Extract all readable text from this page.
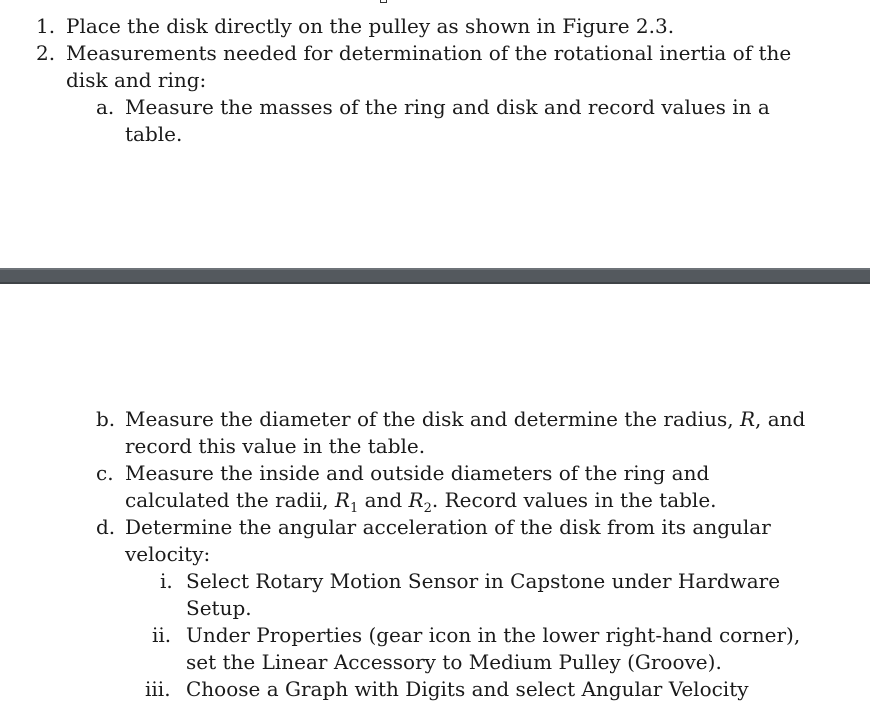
1. Place the disk directly on the pulley as shown in Figure 2.3.
2. Measurements needed for determination of the rotational inertia of the
disk and ring:
a. Measure the masses of the ring and disk and record values in a
table.
b. Measure the diameter of the disk and determine the radius, R, and
record this value in the table.
c. Measure the inside and outside diameters of the ring and
calculated the radii, $R_1$ and $R_2$. Record values in the table.
d. Determine the angular acceleration of the disk from its angular
velocity:
i. Select Rotary Motion Sensor in Capstone under Hardware
Setup.
ii. Under Properties (gear icon in the lower right-hand corner),
set the Linear Accessory to Medium Pulley (Groove).
iii. Choose a Graph with Digits and select Angular Velocity
